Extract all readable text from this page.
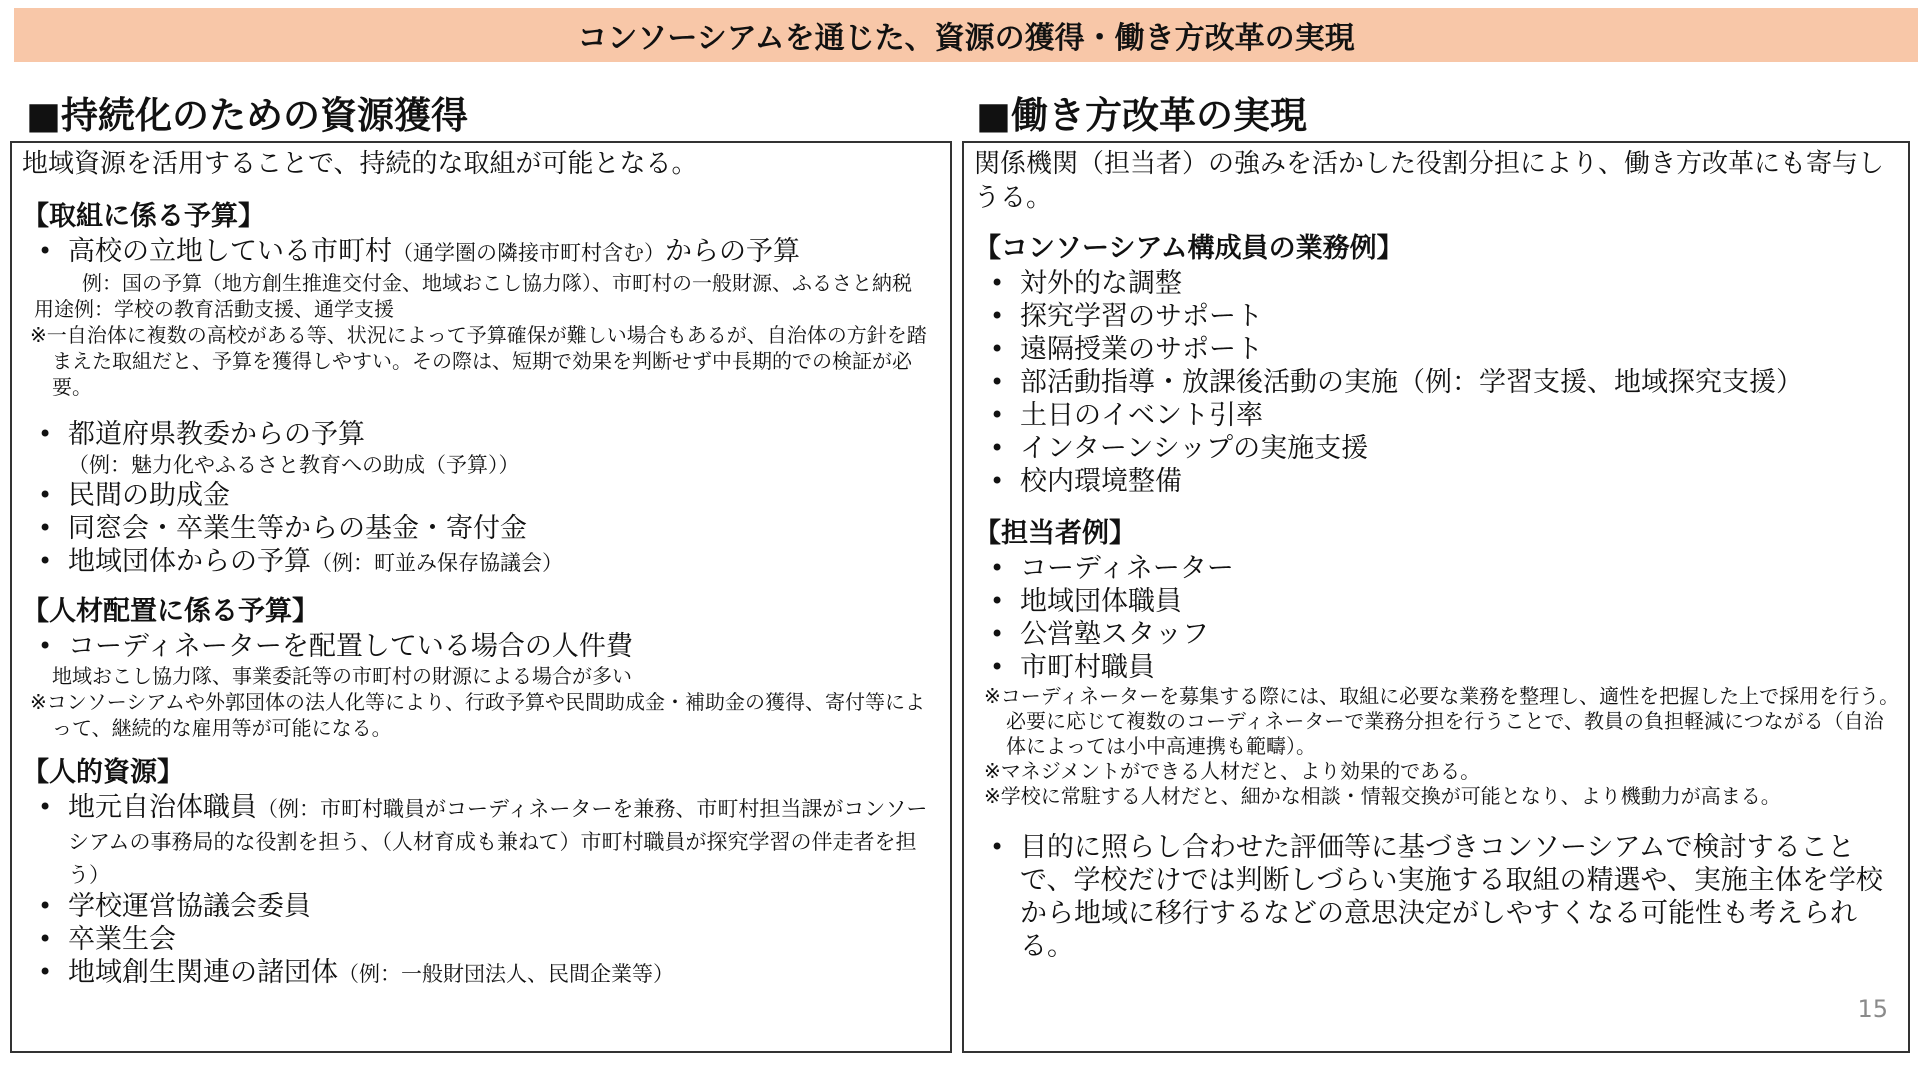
コンソーシアムを通じた、資源の獲得・働き方改革の実現
■持続化のための資源獲得	■働き方改革の実現

地域資源を活用することで、持続的な取組が可能となる。

【取組に係る予算】

• 高校の立地している市町村（通学圏の隣接市町村含む）からの予算
例：国の予算（地方創生推進交付金、地域おこし協力隊）、市町村の一般財源、ふるさと納税
用途例：学校の教育活動支援、通学支援

※一自治体に複数の高校がある等、状況によって予算確保が難しい場合もあるが、自治体の方針を踏まえた取組だと、予算を獲得しやすい。その際は、短期で効果を判断せず中長期的での検証が必要。

• 都道府県教委からの予算
（例：魅力化やふるさと教育への助成（予算））
• 民間の助成金
• 同窓会・卒業生等からの基金・寄付金
• 地域団体からの予算（例：町並み保存協議会）

【人材配置に係る予算】

• コーディネーターを配置している場合の人件費
地域おこし協力隊、事業委託等の市町村の財源による場合が多い

※コンソーシアムや外郭団体の法人化等により、行政予算や民間助成金・補助金の獲得、寄付等によって、継続的な雇用等が可能になる。

【人的資源】

• 地元自治体職員（例：市町村職員がコーディネーターを兼務、市町村担当課がコンソーシアムの事務局的な役割を担う、（人材育成も兼ねて）市町村職員が探究学習の伴走者を担う）
• 学校運営協議会委員
• 卒業生会
• 地域創生関連の諸団体（例：一般財団法人、民間企業等）

関係機関（担当者）の強みを活かした役割分担により、働き方改革にも寄与しうる。

【コンソーシアム構成員の業務例】

• 対外的な調整
• 探究学習のサポート
• 遠隔授業のサポート
• 部活動指導・放課後活動の実施（例：学習支援、地域探究支援）
• 土日のイベント引率
• インターンシップの実施支援
• 校内環境整備

【担当者例】

• コーディネーター
• 地域団体職員
• 公営塾スタッフ
• 市町村職員

※コーディネーターを募集する際には、取組に必要な業務を整理し、適性を把握した上で採用を行う。必要に応じて複数のコーディネーターで業務分担を行うことで、教員の負担軽減につながる（自治体によっては小中高連携も範疇）。

※マネジメントができる人材だと、より効果的である。

※学校に常駐する人材だと、細かな相談・情報交換が可能となり、より機動力が高まる。

• 目的に照らし合わせた評価等に基づきコンソーシアムで検討することで、学校だけでは判断しづらい実施する取組の精選や、実施主体を学校から地域に移行するなどの意思決定がしやすくなる可能性も考えられる。
15
